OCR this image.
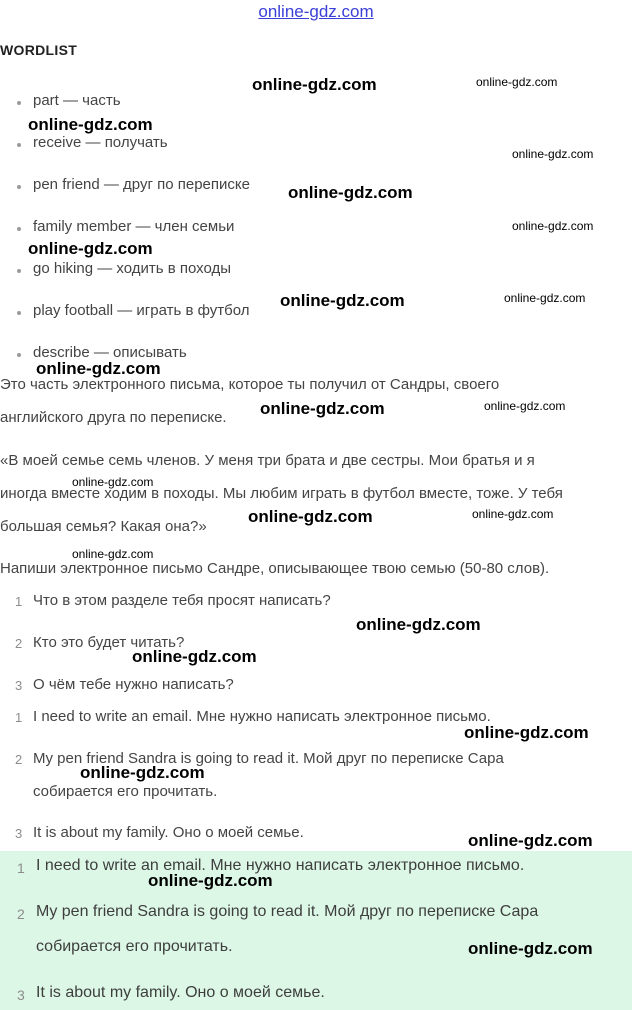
online-gdz.com
WORDLIST
part — часть
receive — получать
pen friend — друг по переписке
family member — член семьи
go hiking — ходить в походы
play football — играть в футбол
describe — описывать
Это часть электронного письма, которое ты получил от Сандры, своего
английского друга по переписке.
«В моей семье семь членов. У меня три брата и две сестры. Мои братья и я
иногда вместе ходим в походы. Мы любим играть в футбол вместе, тоже. У тебя
большая семья? Какая она?»
Напиши электронное письмо Сандре, описывающее твою семью (50-80 слов).
1 Что в этом разделе тебя просят написать?
2 Кто это будет читать?
3 О чём тебе нужно написать?
1 I need to write an email. Мне нужно написать электронное письмо.
2 My pen friend Sandra is going to read it. Мой друг по переписке Сара
собирается его прочитать.
3 It is about my family. Оно о моей семье.
1 I need to write an email. Мне нужно написать электронное письмо.
2 My pen friend Sandra is going to read it. Мой друг по переписке Сара
собирается его прочитать.
3 It is about my family. Оно о моей семье.
online-gdz.com	online-gdz.com
online-gdz.com
online-gdz.com
online-gdz.com
online-gdz.com
online-gdz.com
online-gdz.com	online-gdz.com
online-gdz.com
online-gdz.com	online-gdz.com
online-gdz.com
online-gdz.com	online-gdz.com
online-gdz.com
online-gdz.com
online-gdz.com
online-gdz.com
online-gdz.com
online-gdz.com
online-gdz.com
online-gdz.com
